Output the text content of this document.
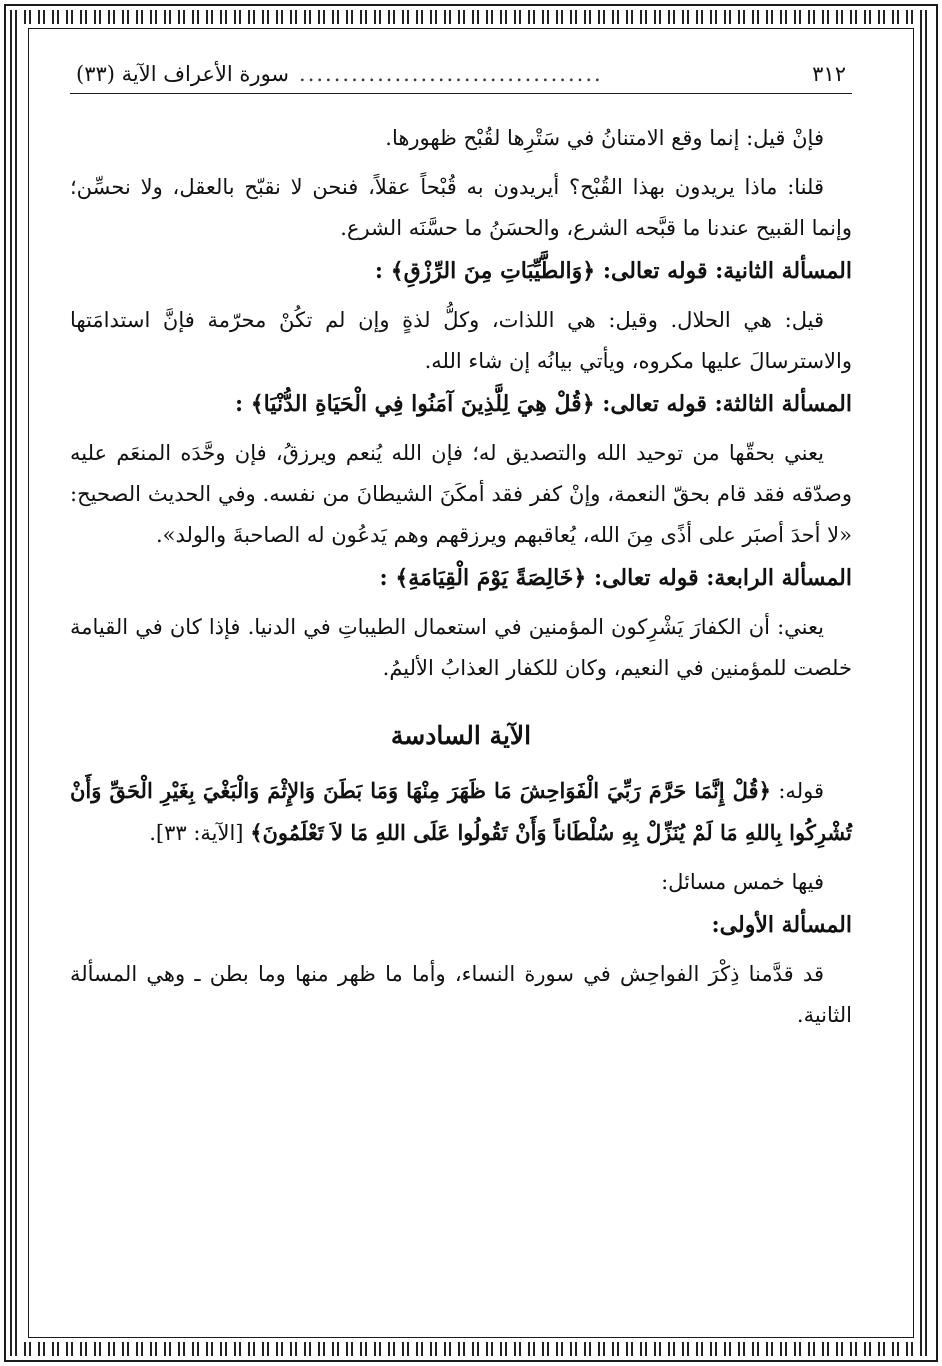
٣١٢
...................................
سورة الأعراف الآية (٣٣)

فإنْ قيل: إنما وقع الامتنانُ في سَتْرِها لقُبْح ظهورها.

قلنا: ماذا يريدون بهذا القُبْح؟ أيريدون به قُبْحاً عقلاً، فنحن لا نقبّح بالعقل، ولا نحسِّن؛ وإنما القبيح عندنا ما قبَّحه الشرع، والحسَنُ ما حسَّنَه الشرع.

المسألة الثانية: قوله تعالى: ﴿وَالطَّيِّبَاتِ مِنَ الرِّزْقِ﴾ :

قيل: هي الحلال. وقيل: هي اللذات، وكلُّ لذةٍ وإن لم تكُنْ محرّمة فإنَّ استدامَتها والاسترسالَ عليها مكروه، ويأتي بيانُه إن شاء الله.

المسألة الثالثة: قوله تعالى: ﴿قُلْ هِيَ لِلَّذِينَ آمَنُوا فِي الْحَيَاةِ الدُّنْيَا﴾ :

يعني بحقّها من توحيد الله والتصديق له؛ فإن الله يُنعم ويرزقُ، فإن وحَّدَه المنعَم عليه وصدّقه فقد قام بحقّ النعمة، وإنْ كفر فقد أمكَنَ الشيطانَ من نفسه. وفي الحديث الصحيح: «لا أحدَ أصبَر على أذًى مِنَ الله، يُعاقبهم ويرزقهم وهم يَدعُون له الصاحبةَ والولد».

المسألة الرابعة: قوله تعالى: ﴿خَالِصَةً يَوْمَ الْقِيَامَةِ﴾ :

يعني: أن الكفارَ يَشْرِكون المؤمنين في استعمال الطيباتِ في الدنيا. فإذا كان في القيامة خلصت للمؤمنين في النعيم، وكان للكفار العذابُ الأليمُ.

الآية السادسة

قوله: ﴿قُلْ إِنَّمَا حَرَّمَ رَبِّيَ الْفَوَاحِشَ مَا ظَهَرَ مِنْهَا وَمَا بَطَنَ وَالإِثْمَ وَالْبَغْيَ بِغَيْرِ الْحَقِّ وَأَنْ تُشْرِكُوا بِاللهِ مَا لَمْ يُنَزِّلْ بِهِ سُلْطَاناً وَأَنْ تَقُولُوا عَلَى اللهِ مَا لاَ تَعْلَمُونَ﴾ [الآية: ٣٣].

فيها خمس مسائل:

المسألة الأولى:

قد قدَّمنا ذِكْرَ الفواحِش في سورة النساء، وأما ما ظهر منها وما بطن ـ وهي المسألة الثانية.
